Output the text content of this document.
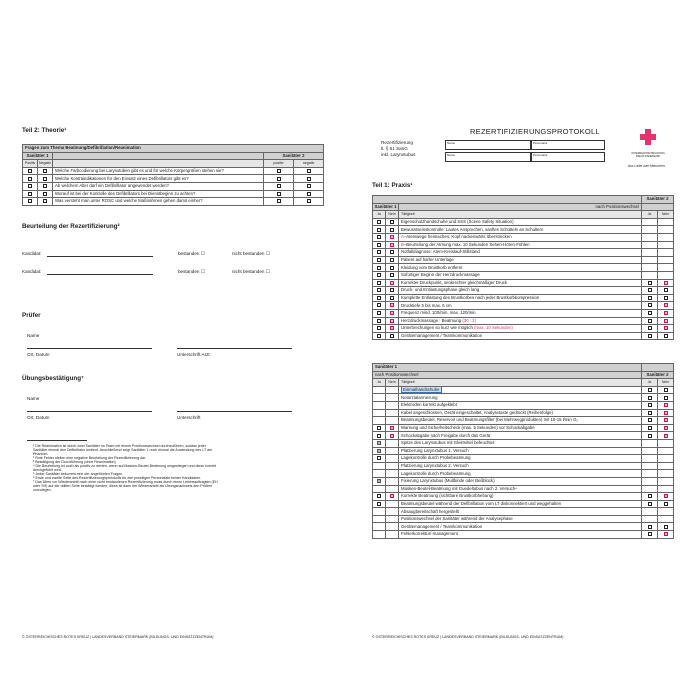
Teil 2: Theorie¹
Fragen zum Thema Beatmung/Defibrillation/Reanimation				
Sanitäter 1			Sanitäter 2	
Positiv	Negativ		positiv	negativ
		Welche Farbcodierung bei Larynxtuben gibt es und für welche Körpergrößen stehen sie?		
		Welche Kontraindikationen für den Einsatz eines Defibrillators gibt es?		
		Ab welchem Alter darf ein Defibrillator angewendet werden?		
		Worauf ist bei der Kontrolle des Defibrillators bei Dienstbeginn zu achten?		
		Was versteht man unter ROSC und welche Maßnahmen gehen damit einher?		
Beurteilung der Rezertifizierung²
Kandidat:	bestanden ☐	nicht bestanden ☐
Kandidat:	bestanden ☐	nicht bestanden ☐
Prüfer
Name
Ort, Datum	Unterschrift Arzt
Übungsbestätigung⁷
Name
Ort, Datum	Unterschrift
¹ Die Reanimation ist durch zwei Sanitäter im Team mit einem Positionswechsel durchzuführen, sodass jeder
Sanitäter einmal den Defibrillator bedient. Anschließend zeigt Sanitäter 1 noch einmal die Anwendung des LT am
Phantom.
² Rote Felder stellen eine negative Beurteilung der Rezertifizierung dar.
³ Bestätigung der Durchführung (ohne Reanimation)
⁴ Die Beurteilung ist auch als positiv zu werten, wenn auf Masken-Beutel-Beatmung umgestiegen und diese korrekt
durchgeführt wird.
⁵ Jeder Sanitäter bekommt eine der angeführten Fragen.
⁶ Erste und zweite Seite des Rezertifizierungsprotokolls für den jeweiligen Personalakt beider Kandidaten.
⁷ Das Üben vor Wiederantritt nach einer nicht bestandenen Rezertifizierung muss durch einen Lehrbeauftragten (EH
oder SH) auf der dritten Seite bestätigt werden, diese ist dann bei Wiederantritt als Übungsnachweis den Prüfern
vorzulegen.
© ÖSTERREICHISCHES ROTES KREUZ | LANDESVERBAND STEIERMARK (BILDUNGS- UND EINSATZZENTRUM)
Rezertifizierung
lt. § 51 SanG
inkl. Larynxtubus
REZERTIFIZIERUNGSPROTOKOLL
Name	Personalnr.
Name	Personalnr.	ÖSTERREICHISCHES ROTES KREUZ STEIERMARK
Aus Liebe zum Menschen.
Teil 1: Praxis¹
			Sanitäter 2	
Sanitäter 1		nach Positionswechsel		
Ja	Nein	Tätigkeit	Ja	Nein
		Eigenschutzhandschuhe und SSS (Scene Safety Situation)		
		Bewusstseinskontrolle: Lautes Ansprechen, sanftes Schütteln an Schultern		
		A–Atemwege freimachen: Kopf nackenwärts überstrecken		
		B–Beurteilung der Atmung max. 10 Sekunden Sehen-Hören-Fühlen		
		Notfalldiagnose: Atem-Kreislauf-Stillstand		
		Patient auf harter Unterlage		
		Kleidung vom Brustkorb entfernt		
		Sofortiger Beginn der Herzdruckmassage		
		Korrekter Druckpunkt, senkrechter gleichmäßiger Druck		
		Druck- und Entlastungsphase gleich lang		
		Komplette Entlastung des Brustkorbes nach jeder Brustkorbkompression		
		Drucktiefe 5 bis max. 6 cm		
		Frequenz mind. 100/min, max. 120/min		
		Herzdruckmassage : Beatmung (30 : 2)		
		Unterbrechungen so kurz wie möglich (max. 10 Sekunden)		
		Gerätemanagement / Teamkommunikation		
Sanitäter 1				
nach Positionswechsel			Sanitäter 2	
Ja	Nein	Tätigkeit	Ja	Nein
		Einmalhandschuhe		
		Notarztalarmierung		
		Elektroden korrekt aufgeklebt		
		Kabel angeschlossen, Gerät eingeschaltet, Analysetaste gedrückt (Reihenfolge)		
		Beatmungsbeutel, Reservoir und Beatmungsfilter (bei Mehrwegprodukten) mit 10-15 l/min O₂		
		Warnung und Sicherheitscheck (max. 5 Sekunden) vor Schockabgabe		
		Schockabgabe nach Freigabe durch das Gerät		
		Spitze des Larynxtubus mit Gleitmittel befeuchtet		
		Platzierung Larynxtubus 1. Versuch		
		Lagekontrolle durch Probebeatmung		
		Platzierung Larynxtubus 2. Versuch		
		Lagekontrolle durch Probebeatmung		
		Fixierung Larynxtubus (Mullbinde oder Beßblock)		
		Masken-Beutel-Beatmung mit Guedeltubus nach 2. Versuch⁴		
		Korrekte Beatmung (sichtbare Brustkorbhebung)		
		Beatmungsbeutel während der Defibrillation vom LT diskonnektiert und weggehalten		
		Absaugbereitschaft hergestellt		
		Positionswechsel der Sanitäter während der Analysephase		
		Gerätemanagement / Teamkommunikation		
		Fehlerkorrektur/-management		
© ÖSTERREICHISCHES ROTES KREUZ | LANDESVERBAND STEIERMARK (BILDUNGS- UND EINSATZZENTRUM)
